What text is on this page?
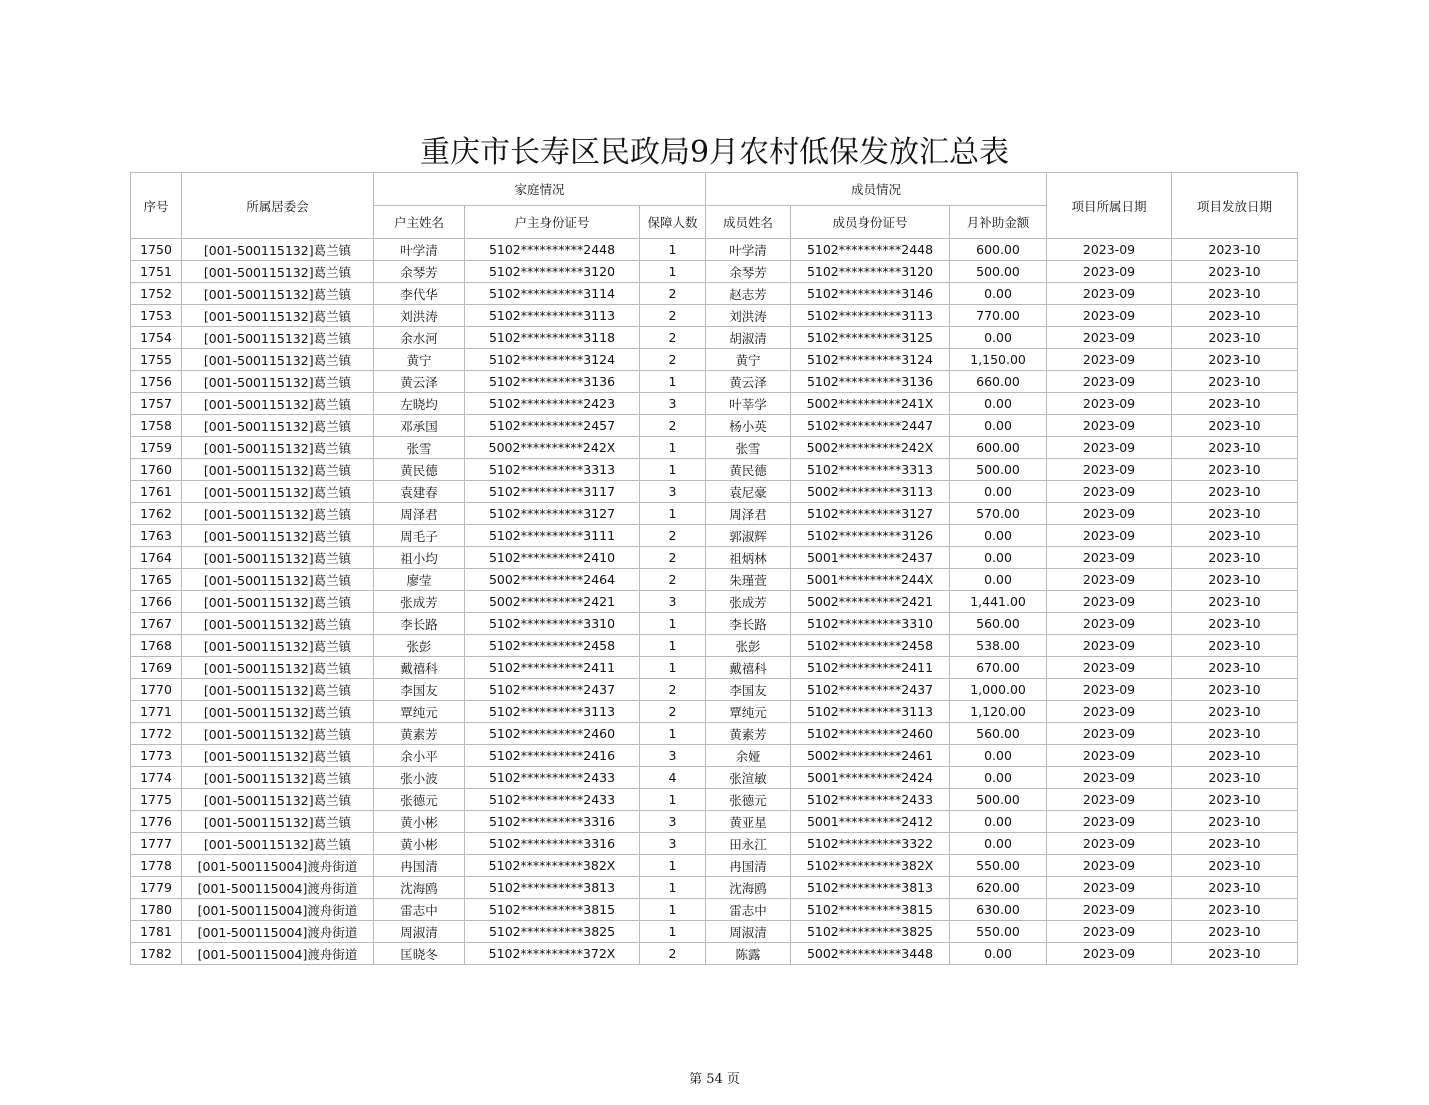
重庆市长寿区民政局9月农村低保发放汇总表
序号	所属居委会	家庭情况			成员情况			项目所属日期	项目发放日期
		户主姓名	户主身份证号	保障人数	成员姓名	成员身份证号	月补助金额		
1750	[001-500115132]葛兰镇	叶学清	5102**********2448	1	叶学清	5102**********2448	600.00	2023-09	2023-10
1751	[001-500115132]葛兰镇	余琴芳	5102**********3120	1	余琴芳	5102**********3120	500.00	2023-09	2023-10
1752	[001-500115132]葛兰镇	李代华	5102**********3114	2	赵志芳	5102**********3146	0.00	2023-09	2023-10
1753	[001-500115132]葛兰镇	刘洪涛	5102**********3113	2	刘洪涛	5102**********3113	770.00	2023-09	2023-10
1754	[001-500115132]葛兰镇	余水河	5102**********3118	2	胡淑清	5102**********3125	0.00	2023-09	2023-10
1755	[001-500115132]葛兰镇	黄宁	5102**********3124	2	黄宁	5102**********3124	1,150.00	2023-09	2023-10
1756	[001-500115132]葛兰镇	黄云泽	5102**********3136	1	黄云泽	5102**********3136	660.00	2023-09	2023-10
1757	[001-500115132]葛兰镇	左晓均	5102**********2423	3	叶莘学	5002**********241X	0.00	2023-09	2023-10
1758	[001-500115132]葛兰镇	邓承国	5102**********2457	2	杨小英	5102**********2447	0.00	2023-09	2023-10
1759	[001-500115132]葛兰镇	张雪	5002**********242X	1	张雪	5002**********242X	600.00	2023-09	2023-10
1760	[001-500115132]葛兰镇	黄民德	5102**********3313	1	黄民德	5102**********3313	500.00	2023-09	2023-10
1761	[001-500115132]葛兰镇	袁建春	5102**********3117	3	袁尼豪	5002**********3113	0.00	2023-09	2023-10
1762	[001-500115132]葛兰镇	周泽君	5102**********3127	1	周泽君	5102**********3127	570.00	2023-09	2023-10
1763	[001-500115132]葛兰镇	周毛子	5102**********3111	2	郭淑辉	5102**********3126	0.00	2023-09	2023-10
1764	[001-500115132]葛兰镇	祖小均	5102**********2410	2	祖炳林	5001**********2437	0.00	2023-09	2023-10
1765	[001-500115132]葛兰镇	廖莹	5002**********2464	2	朱瑾萱	5001**********244X	0.00	2023-09	2023-10
1766	[001-500115132]葛兰镇	张成芳	5002**********2421	3	张成芳	5002**********2421	1,441.00	2023-09	2023-10
1767	[001-500115132]葛兰镇	李长路	5102**********3310	1	李长路	5102**********3310	560.00	2023-09	2023-10
1768	[001-500115132]葛兰镇	张彭	5102**********2458	1	张彭	5102**********2458	538.00	2023-09	2023-10
1769	[001-500115132]葛兰镇	戴禧科	5102**********2411	1	戴禧科	5102**********2411	670.00	2023-09	2023-10
1770	[001-500115132]葛兰镇	李国友	5102**********2437	2	李国友	5102**********2437	1,000.00	2023-09	2023-10
1771	[001-500115132]葛兰镇	覃纯元	5102**********3113	2	覃纯元	5102**********3113	1,120.00	2023-09	2023-10
1772	[001-500115132]葛兰镇	黄素芳	5102**********2460	1	黄素芳	5102**********2460	560.00	2023-09	2023-10
1773	[001-500115132]葛兰镇	余小平	5102**********2416	3	余娅	5002**********2461	0.00	2023-09	2023-10
1774	[001-500115132]葛兰镇	张小波	5102**********2433	4	张渲敏	5001**********2424	0.00	2023-09	2023-10
1775	[001-500115132]葛兰镇	张德元	5102**********2433	1	张德元	5102**********2433	500.00	2023-09	2023-10
1776	[001-500115132]葛兰镇	黄小彬	5102**********3316	3	黄亚星	5001**********2412	0.00	2023-09	2023-10
1777	[001-500115132]葛兰镇	黄小彬	5102**********3316	3	田永江	5102**********3322	0.00	2023-09	2023-10
1778	[001-500115004]渡舟街道	冉国清	5102**********382X	1	冉国清	5102**********382X	550.00	2023-09	2023-10
1779	[001-500115004]渡舟街道	沈海鸥	5102**********3813	1	沈海鸥	5102**********3813	620.00	2023-09	2023-10
1780	[001-500115004]渡舟街道	雷志中	5102**********3815	1	雷志中	5102**********3815	630.00	2023-09	2023-10
1781	[001-500115004]渡舟街道	周淑清	5102**********3825	1	周淑清	5102**********3825	550.00	2023-09	2023-10
1782	[001-500115004]渡舟街道	匡晓冬	5102**********372X	2	陈露	5002**********3448	0.00	2023-09	2023-10
第 54 页
